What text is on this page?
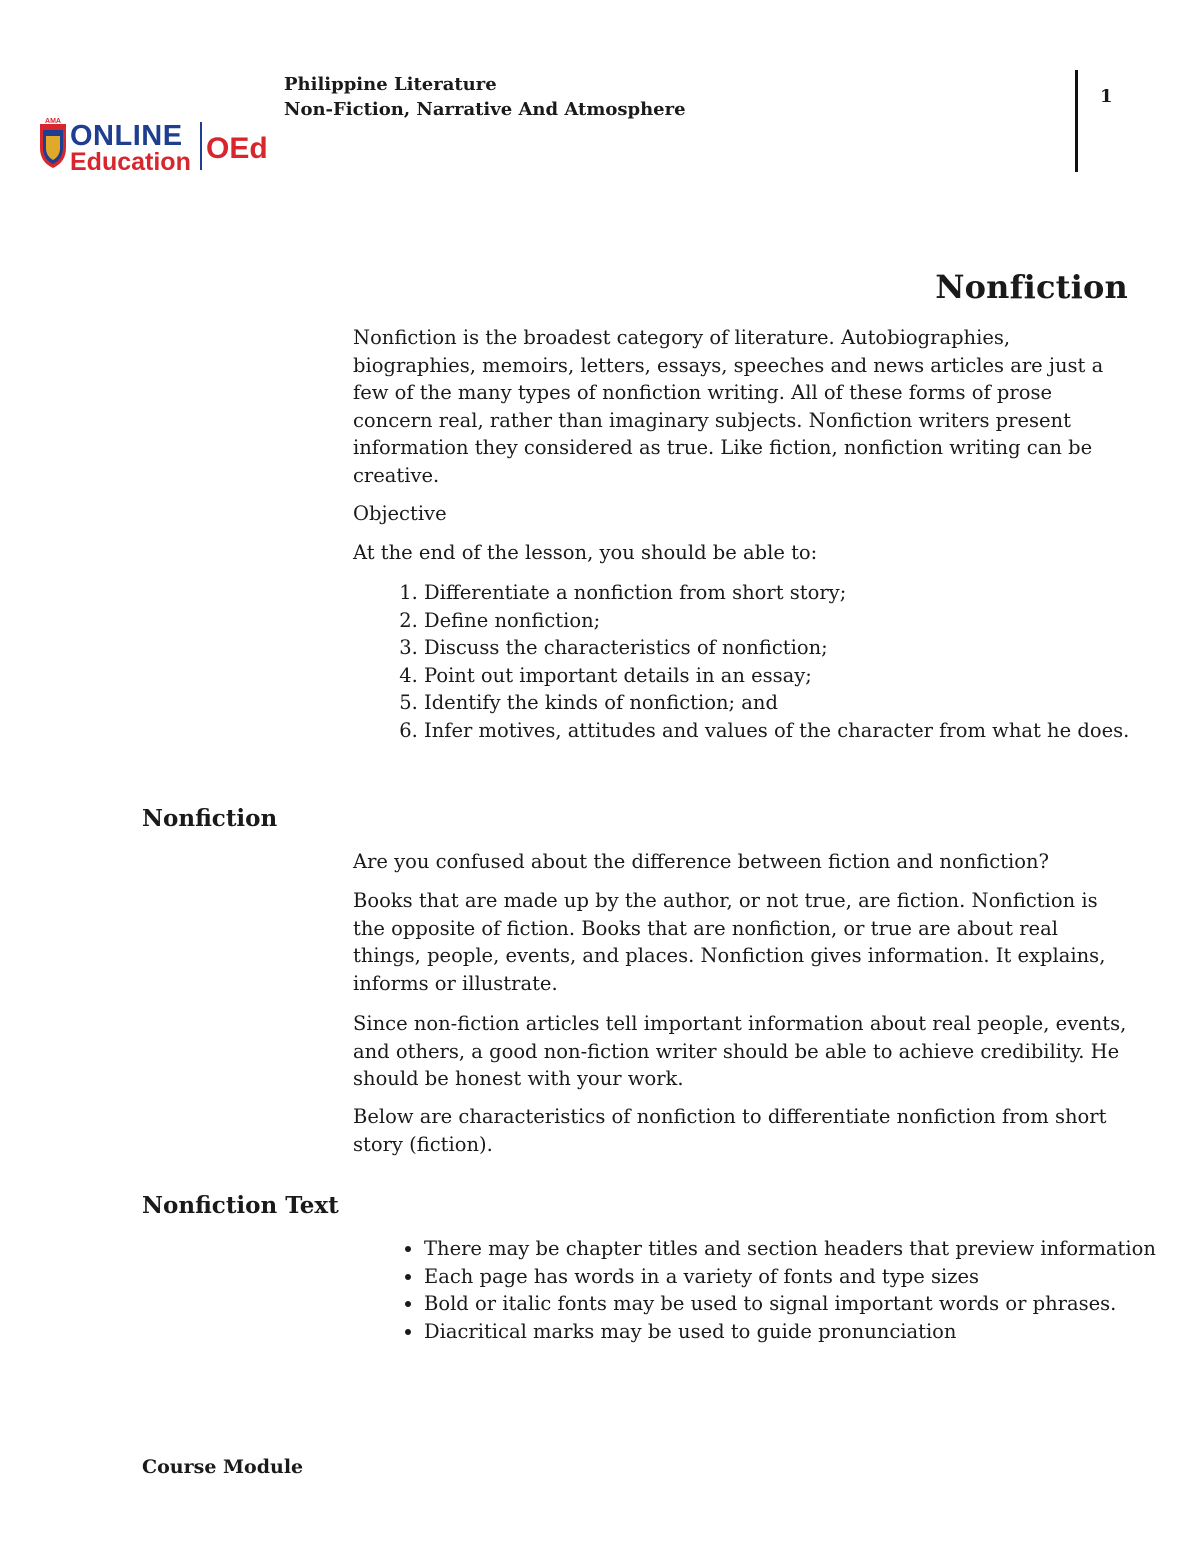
AMA ONLINE
Education OEd
Philippine Literature
Non-Fiction, Narrative And Atmosphere
1
Nonfiction

Nonfiction is the broadest category of literature. Autobiographies, biographies, memoirs, letters, essays, speeches and news articles are just a few of the many types of nonfiction writing. All of these forms of prose concern real, rather than imaginary subjects. Nonfiction writers present information they considered as true. Like fiction, nonfiction writing can be creative.

Objective
At the end of the lesson, you should be able to:
1. Differentiate a nonfiction from short story;
2. Define nonfiction;
3. Discuss the characteristics of nonfiction;
4. Point out important details in an essay;
5. Identify the kinds of nonfiction; and
6. Infer motives, attitudes and values of the character from what he does.
Nonfiction
Are you confused about the difference between fiction and nonfiction?
Books that are made up by the author, or not true, are fiction. Nonfiction is the opposite of fiction. Books that are nonfiction, or true are about real things, people, events, and places. Nonfiction gives information. It explains, informs or illustrate.
Since non-fiction articles tell important information about real people, events, and others, a good non-fiction writer should be able to achieve credibility. He should be honest with your work.
Below are characteristics of nonfiction to differentiate nonfiction from short story (fiction).
Nonfiction Text
• There may be chapter titles and section headers that preview information
• Each page has words in a variety of fonts and type sizes
• Bold or italic fonts may be used to signal important words or phrases.
• Diacritical marks may be used to guide pronunciation
Course Module
